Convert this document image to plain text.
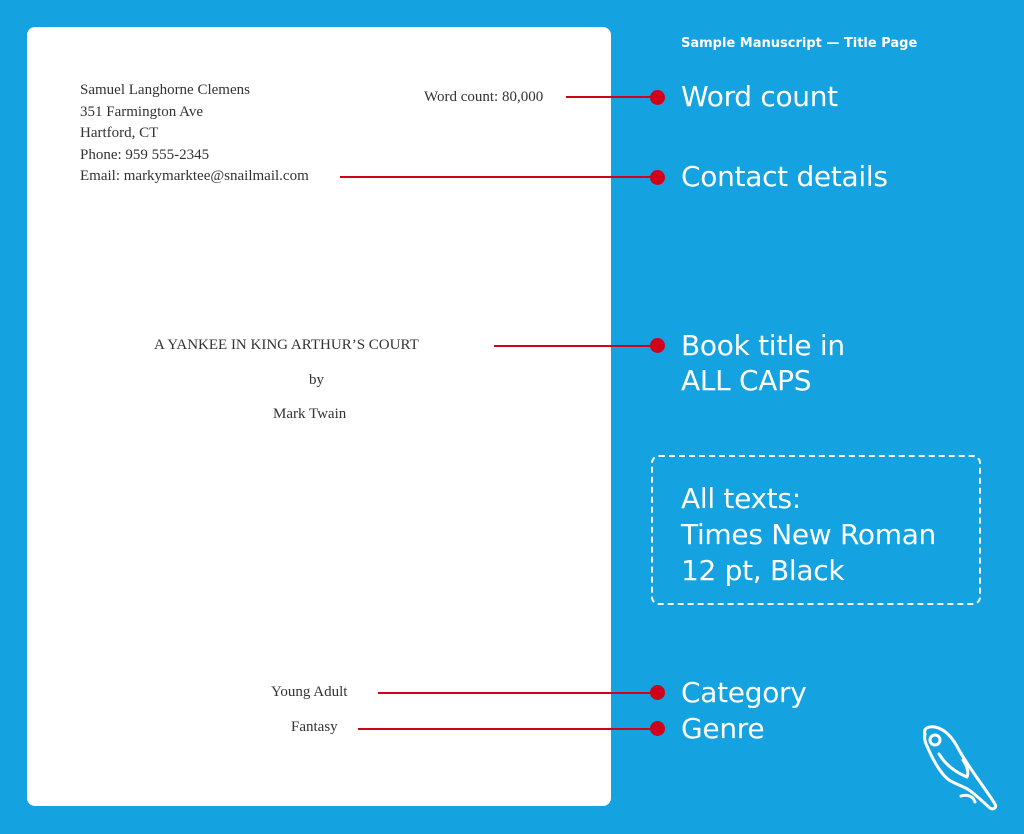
Sample Manuscript — Title Page
Samuel Langhorne Clemens
351 Farmington Ave
Hartford, CT
Phone: 959 555-2345
Email: markymarktee@snailmail.com
Word count: 80,000
A YANKEE IN KING ARTHUR’S COURT
by
Mark Twain
Young Adult
Fantasy
Word count
Contact details
Book title in
ALL CAPS
Category
Genre
All texts:
Times New Roman
12 pt, Black
